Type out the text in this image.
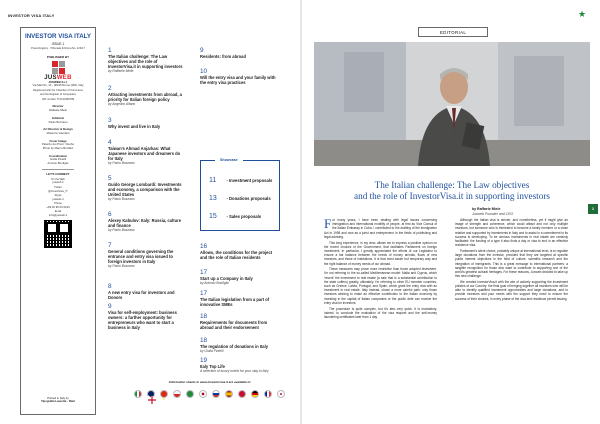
INVESTOR VISA ITALY
INVESTOR VISA ITALY
ISSUE 1
Press Registry - Tribunale di Roma No. 123/17
PUBLISHED BY
JUSWEB
JUSWEB S.r.l.
Via Mazzini, 10 - 00195 Rome (RM), Italy
Registered with the Chamber of Commerce
and the Register of Companies
VAT number IT 0123456789
Director
Raffaele Miele
Editorial
Paolo Bozzano
Art Director & Design
Massimo Garofani
Cover Image
Palazzo dei Priori, Viterbo
Photo by Mauro Bonifazi
Coordination
Giulia Pintelli
Antonio Bonfiglio
LET'S CONNECT
On the Web
jusweb.it
Twitter
@InvestVisa_IT
Skype
jusweb-it
Phone
+39 06 96 03 6223
Email
info@jusweb.it
Printed in Italy by
Tipografia Lauretta - Rieti
1
The Italian challenge: The Law objectives and the role of InvestorVisa.it in supporting investors
by Raffaele Miele
2
Attracting investments from abroad, a priority for Italian foreign policy
by Angelino Alfano
3
Why invest and live in Italy
4
Taiwan's Ahmad Anjarkas: What Japanese investors and dreamers do for Italy
by Paolo Bozzano
5
Guido George Lombardi: Investments and economy, a comparison with the United States
by Paolo Bozzano
6
Alexey Kabulov: Italy: Russia, culture and finance
by Paolo Bozzano
7
General conditions governing the entrance and entry visa issued to foreign investors in Italy
by Paolo Bozzano
8
A new entry visa for investors and Donors
9
Visa for self-employment: business owners: a further opportunity for entrepreneurs who want to start a business in Italy
9
Residents: from abroad
10
Will the entry visa and your family with the entry visa practices
16
Allows, the conditions for the project and the role of Italian residents
17
Start up a Company in Italy
by Antonio Bonfiglio
17
The Italian legislation from a part of innovative SMEs
18
Requirements for documents from abroad and their endorsement
18
The regulation of donations in Italy
by Giulia Pintelli
19
Italy Top Life
A selection of luxury hotels for your stay in Italy
Showcase
11 - Investment proposals
13 - Donations proposals
15 - Sales proposals
Information sheets in www.investorvisa.it are available in:
★
EDITORIAL
The Italian challenge: The Law objectives
and the role of InvestorVisa.it in supporting investors
by Raffaele Miele
Jusweb Founder and CEO
1

For many years, I have been dealing with legal issues concerning immigration and international mobility of people, at first as Vice Consul of the Italian Embassy in Cuba. I contributed to the drafting of the immigration Act in 1998 and now as a jurist and entrepreneur in the fields of publishing and legal advising.

This long experience, in my view, allows me to express a positive opinion on the recent choices of the Government, that facilitates Parliament on foreign investment. In particular, I greatly appreciated the efforts of our Legislator to ensure a fair balance between the needs of money arrivals, flows of new investors, and those of institutions. It is that most easier but temporary way and the right balance of money needs of our abroad.

These measures may prove more restrictive than those adopted elsewhere. I'm not referring to the so-called Mediterranean model: Malta and Cyprus, which 'resent' the investment to real estate (a sale that is a substantial contribution to the state coffers) greatly, ultimately. I'm referring to other EU member countries, such as Greece, Latvia, Portugal, and Spain, which grant the entry visa with an investment in real estate. Italy instead, chose a more careful path: only those investors wishing to make an effective contribution to the Italian economy by investing in the capital of Italian companies or the public debt can receive the entry visa for investors.

The procedure is quite complex, but it's also very quick. It is mandatory, indeed, to conclude the evaluation of the visa request and the self-money laundering certificates later than 1 day.

Although the Italian visa is stricter, and nonetheless, yet it might give an image of strength and coherence, which could attract and not only multiple investors, but someone who is interested to become a family member or a close relative and supported by investments in Italy and to assist in a commitment to its success is developing. To be obvious investments in real estate are certainly facilitated: the funding of a type it also finds a day or visa to end in an effective residence visa.

Parliament's silent choice, probably unique at international level, is to regulate large donations from the investor, provided that they are targeted at specific public interest objectives in the field of culture, scientific research and the integration of immigrants. This is a great message to international partners: a tangible recognition for those who want to contribute to supporting one of the world's greatest cultural heritages. For these reasons, Jusweb decided to take up this new challenge.

We created InvestorVisa.it with the aim of actively supporting the investment policies of our Country: the final goal of bringing together all investors who will be able to identify qualified investment opportunities and large donations, and to provide investors and your needs with the support they need to ensure the success of their choices, in every phase of the visa and residence permit issuing.

★
